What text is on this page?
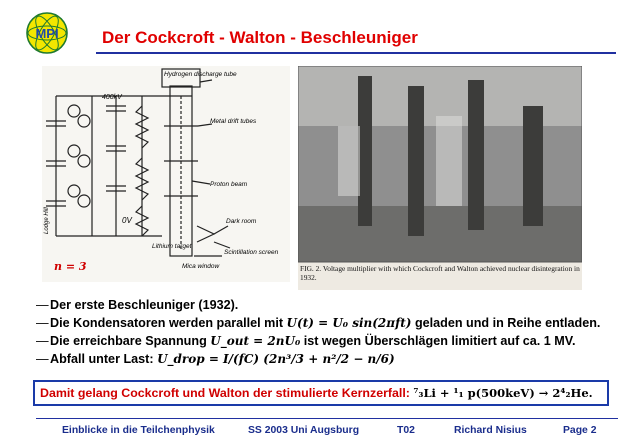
MPI	Der Cockcroft - Walton - Beschleuniger
Hydrogen discharge tube
400kV
Metal drift tubes
Proton beam
0V	Dark room
Scintillation screen
Lithium target
Mica window
Lodge Hill
n = 3	FIG. 2. Voltage multiplier with which Cockcroft and Walton achieved nuclear disintegration in 1932.
— Der erste Beschleuniger (1932).
— Die Kondensatoren werden parallel mit U(t) = U₀ sin(2πft) geladen und in Reihe entladen.
— Die erreichbare Spannung U_out = 2nU₀ ist wegen Überschlägen limitiert auf ca. 1 MV.
— Abfall unter Last: U_drop = I/(fC) (2n³/3 + n²/2 − n/6)
Damit gelang Cockcroft und Walton der stimulierte Kernzerfall: ⁷₃Li + ¹₁ p(500keV) → 2⁴₂He.
Einblicke in die Teilchenphysik	SS 2003 Uni Augsburg	T02	Richard Nisius	Page 2
